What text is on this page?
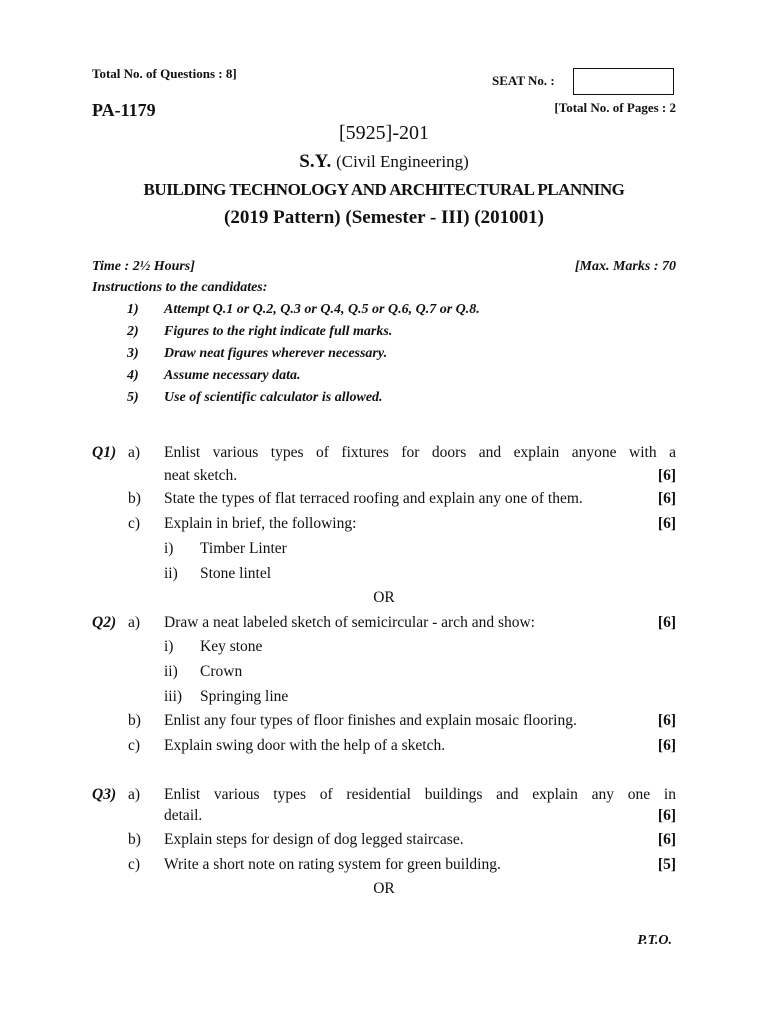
Total No. of Questions : 8]	SEAT No. :
PA-1179	[Total No. of Pages : 2
[5925]-201
S.Y. (Civil Engineering)
BUILDING TECHNOLOGY AND ARCHITECTURAL PLANNING
(2019 Pattern) (Semester - III) (201001)
Time : 2½ Hours]	[Max. Marks : 70
Instructions to the candidates:
1) Attempt Q.1 or Q.2, Q.3 or Q.4, Q.5 or Q.6, Q.7 or Q.8.
2) Figures to the right indicate full marks.
3) Draw neat figures wherever necessary.
4) Assume necessary data.
5) Use of scientific calculator is allowed.
Q1) a) Enlist various types of fixtures for doors and explain anyone with a
neat sketch.	[6]
b) State the types of flat terraced roofing and explain any one of them.	[6]
c) Explain in brief, the following:	[6]
i) Timber Linter
ii) Stone lintel
OR
Q2) a) Draw a neat labeled sketch of semicircular - arch and show:	[6]
i) Key stone
ii) Crown
iii) Springing line
b) Enlist any four types of floor finishes and explain mosaic flooring.	[6]
c) Explain swing door with the help of a sketch.	[6]
Q3) a) Enlist various types of residential buildings and explain any one in
detail.	[6]
b) Explain steps for design of dog legged staircase.	[6]
c) Write a short note on rating system for green building.	[5]
OR
P.T.O.
